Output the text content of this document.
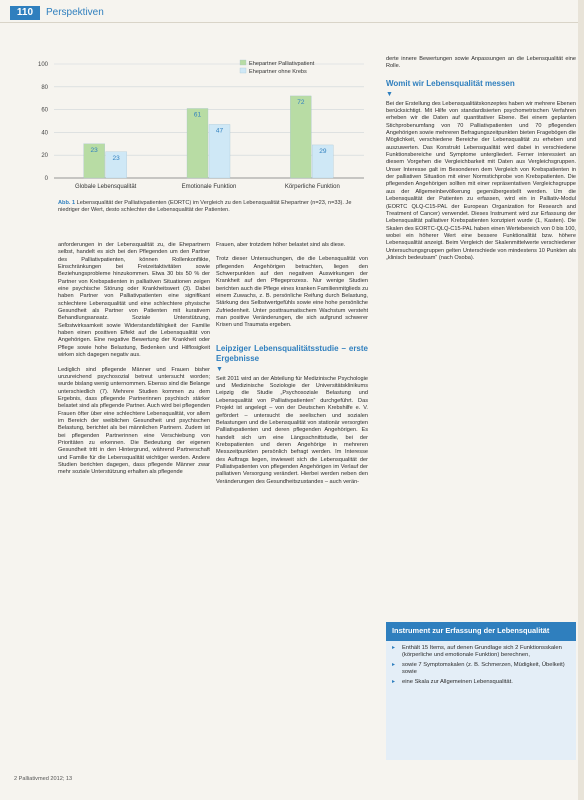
110	Perspektiven
0
20
40
60
80
100
23
23
Globale Lebensqualität
61
47
Emotionale Funktion
72
29
Körperliche Funktion
Ehepartner Palliativpatient
Ehepartner ohne Krebs
Abb. 1 Lebensqualität der Palliativpatienten (EORTC) im Vergleich zu den Lebensqualität Ehepartner (n=23, n=33). Je niedriger der Wert, desto schlechter die Lebensqualität der Patienten.

anforderungen in der Lebensqualität zu, die Ehepartnern selbst, handelt es sich bei den Pflegenden um den Partner des Palliativpatienten, können Rollenkonflikte, Einschränkungen bei Freizeitaktivitäten sowie Beziehungsprobleme hinzukommen. Etwa 30 bis 50 % der Partner von Krebspatienten in palliativen Situationen zeigen eine psychische Störung oder Krankheitswert (3). Dabei haben Partner von Palliativpatienten eine signifikant schlechtere Lebensqualität und eine schlechtere physische Gesundheit als Partner von Patienten mit kurativem Behandlungsansatz. Soziale Unterstützung, Selbstwirksamkeit sowie Widerstandsfähigkeit der Familie haben einen positiven Effekt auf die Lebensqualität von Angehörigen. Eine negative Bewertung der Krankheit oder Pflege sowie hohe Belastung, Bedenken und Hilflosigkeit wirken sich dagegen negativ aus.

Lediglich sind pflegende Männer und Frauen bisher unzureichend psychosozial betreut untersucht worden; wurde bislang wenig unternommen. Ebenso sind die Belange unterschiedlich (7). Mehrere Studien kommen zu dem Ergebnis, dass pflegende Partnerinnen psychisch stärker belastet sind als pflegende Partner. Auch wird bei pflegenden Frauen öfter über eine schlechtere Lebensqualität, vor allem im Bereich der weiblichen Gesundheit und psychischen Belastung, berichtet als bei männlichen Partnern. Zudem ist bei pflegenden Partnerinnen eine Verschiebung von Prioritäten zu erkennen. Die Bedeutung der eigenen Gesundheit tritt in den Hintergrund, während Partnerschaft und Familie für die Lebensqualität wichtiger werden. Andere Studien berichten dagegen, dass pflegende Männer zwar mehr soziale Unterstützung erhalten als pflegende

Frauen, aber trotzdem höher belastet sind als diese.

Trotz dieser Untersuchungen, die die Lebensqualität von pflegenden Angehörigen betrachten, liegen den Schwerpunkten auf den negativen Auswirkungen der Krankheit auf den Pflegeprozess. Nur wenige Studien berichten auch die Pflege eines kranken Familienmitglieds zu einem Zuwachs, z. B. persönliche Reifung durch Belastung, Stärkung des Selbstwertgefühls sowie eine hohe persönliche Zufriedenheit. Unter posttraumatischem Wachstum versteht man positive Veränderungen, die sich aufgrund schwerer Krisen und Traumata ergeben.

Leipziger Lebensqualitätsstudie – erste Ergebnisse
▼

Seit 2011 wird an der Abteilung für Medizinische Psychologie und Medizinische Soziologie der Universitätsklinikums Leipzig die Studie „Psychosoziale Belastung und Lebensqualität von Palliativpatienten“ durchgeführt. Das Projekt ist angelegt – von der Deutschen Krebshilfe e. V. gefördert – untersucht die seelischen und sozialen Belastungen und die Lebensqualität von stationär versorgten Palliativpatienten und deren pflegenden Angehörigen. Es handelt sich um eine Längsschnittstudie, bei der Krebspatienten und deren Angehörige in mehreren Messzeitpunkten persönlich befragt werden. Im Interesse des Auftrags liegen, inwieweit sich die Lebensqualität der Palliativpatienten von pflegenden Angehörigen im Verlauf der palliativen Versorgung verändert. Hierbei werden neben den Veränderungen des Gesundheitszustandes – auch verän-

derte innere Bewertungen sowie Anpassungen an die Lebensqualität eine Rolle.

Womit wir Lebensqualität messen
▼

Bei der Erstellung des Lebensqualitätskonzeptes haben wir mehrere Ebenen berücksichtigt. Mit Hilfe von standardisierten psychometrischen Verfahren erheben wir die Daten auf quantitativer Ebene. Bei einem geplanten Stichprobenumfang von 70 Palliativpatienten und 70 pflegenden Angehörigen sowie mehreren Befragungszeitpunkten bieten Fragebögen die Möglichkeit, verschiedene Bereiche der Lebensqualität zu erheben und auszuwerten. Das Konstrukt Lebensqualität wird dabei in verschiedene Funktionsbereiche und Symptome untergliedert. Ferner interessiert an diesem Vorgehen die Vergleichbarkeit mit Daten aus Vergleichsgruppen. Unser Interesse galt im Besonderen dem Vergleich von Krebspatienten in der palliativen Situation mit einer Normstichprobe von Krebspatienten. Die pflegenden Angehörigen sollten mit einer repräsentativen Vergleichsgruppe aus der Allgemeinbevölkerung gegenübergestellt werden. Um die Lebensqualität der Patienten zu erfassen, wird ein in Palliativ-Modul (EORTC QLQ-C15-PAL der European Organization for Research and Treatment of Cancer) verwendet. Dieses Instrument wird zur Erfassung der Lebensqualität palliativer Krebspatienten konzipiert wurde (1, Kasten). Die Skalen des EORTC-QLQ-C15-PAL haben einen Wertebereich von 0 bis 100, wobei ein höherer Wert eine bessere Funktionalität bzw. höhere Lebensqualität anzeigt. Beim Vergleich der Skalenmittelwerte verschiedener Untersuchungsgruppen gelten Unterschiede von mindestens 10 Punkten als „klinisch bedeutsam“ (nach Osoba).

Instrument zur Erfassung der Lebensqualität
▸ Enthält 15 Items, auf denen Grundlage sich 2 Funktionsskalen (körperliche und emotionale Funktion) berechnen,
▸ sowie 7 Symptomskalen (z. B. Schmerzen, Müdigkeit, Übelkeit) sowie
▸ eine Skala zur Allgemeinen Lebensqualität.
2 Palliativmed 2012; 13
